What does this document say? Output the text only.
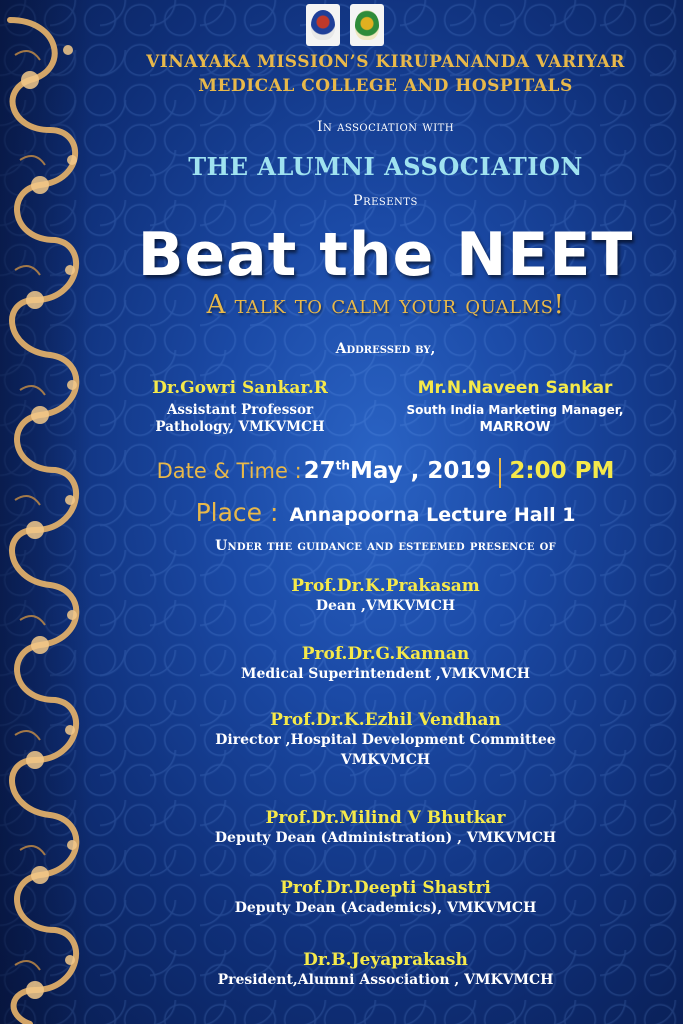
VINAYAKA MISSION’S KIRUPANANDA VARIYAR
MEDICAL COLLEGE AND HOSPITALS
In association with
THE ALUMNI ASSOCIATION
Presents
Beat the NEET
A talk to calm your qualms!
Addressed by,
Dr.Gowri Sankar.R
Assistant Professor
Pathology, VMKVMCH
Mr.N.Naveen Sankar
South India Marketing Manager,
MARROW
Date & Time : 27thMay , 2019 2:00 PM
Place : Annapoorna Lecture Hall 1
Under the guidance and esteemed presence of
Prof.Dr.K.Prakasam
Dean ,VMKVMCH
Prof.Dr.G.Kannan
Medical Superintendent ,VMKVMCH
Prof.Dr.K.Ezhil Vendhan
Director ,Hospital Development Committee
VMKVMCH
Prof.Dr.Milind V Bhutkar
Deputy Dean (Administration) , VMKVMCH
Prof.Dr.Deepti Shastri
Deputy Dean (Academics), VMKVMCH
Dr.B.Jeyaprakash
President,Alumni Association , VMKVMCH
